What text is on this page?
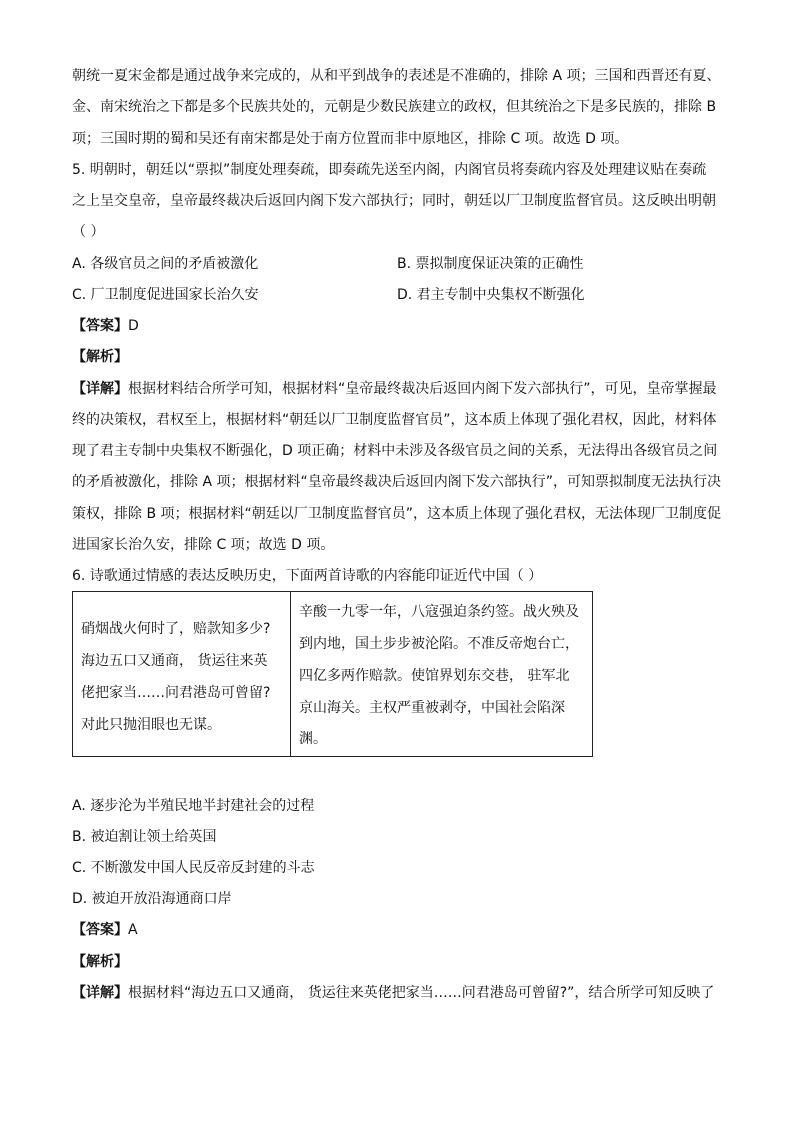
朝统一夏宋金都是通过战争来完成的，从和平到战争的表述是不准确的，排除 A 项；三国和西晋还有夏、
金、南宋统治之下都是多个民族共处的，元朝是少数民族建立的政权，但其统治之下是多民族的，排除 B
项；三国时期的蜀和吴还有南宋都是处于南方位置而非中原地区，排除 C 项。故选 D 项。
5. 明朝时，朝廷以“票拟”制度处理奏疏，即奏疏先送至内阁，内阁官员将奏疏内容及处理建议贴在奏疏
之上呈交皇帝，皇帝最终裁决后返回内阁下发六部执行；同时，朝廷以厂卫制度监督官员。这反映出明朝
（ ）
A. 各级官员之间的矛盾被激化	B. 票拟制度保证决策的正确性
C. 厂卫制度促进国家长治久安	D. 君主专制中央集权不断强化
【答案】D
【解析】
【详解】根据材料结合所学可知，根据材料“皇帝最终裁决后返回内阁下发六部执行”，可见，皇帝掌握最
终的决策权，君权至上，根据材料“朝廷以厂卫制度监督官员”，这本质上体现了强化君权，因此，材料体
现了君主专制中央集权不断强化，D 项正确；材料中未涉及各级官员之间的关系，无法得出各级官员之间
的矛盾被激化，排除 A 项；根据材料“皇帝最终裁决后返回内阁下发六部执行”，可知票拟制度无法执行决
策权，排除 B 项；根据材料“朝廷以厂卫制度监督官员”，这本质上体现了强化君权，无法体现厂卫制度促
进国家长治久安，排除 C 项；故选 D 项。
6. 诗歌通过情感的表达反映历史，下面两首诗歌的内容能印证近代中国（ ）
硝烟战火何时了，赔款知多少?
海边五口又通商， 货运往来英
佬把家当……问君港岛可曾留?
对此只抛泪眼也无谋。

辛酸一九零一年，八寇强迫条约签。战火殃及
到内地，国土步步被沦陷。不准反帝炮台亡，
四亿多两作赔款。使馆界划东交巷， 驻军北
京山海关。主权严重被剥夺，中国社会陷深
渊。
A. 逐步沦为半殖民地半封建社会的过程
B. 被迫割让领土给英国
C. 不断激发中国人民反帝反封建的斗志
D. 被迫开放沿海通商口岸
【答案】A
【解析】
【详解】根据材料“海边五口又通商， 货运往来英佬把家当……问君港岛可曾留?”，结合所学可知反映了
